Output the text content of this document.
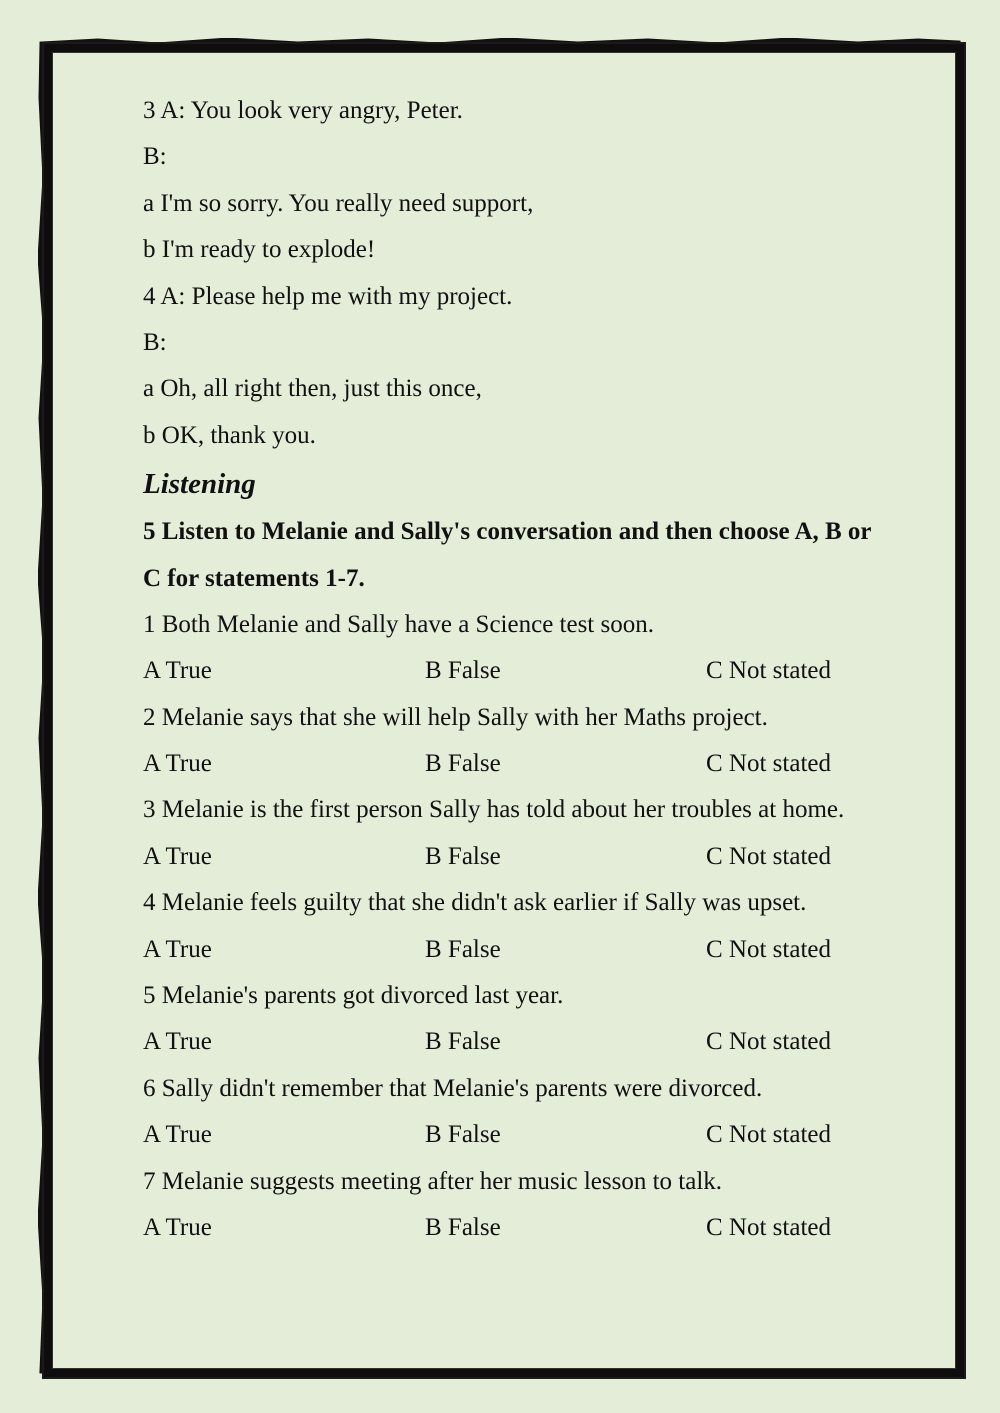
3 A: You look very angry, Peter.
B:
a I'm so sorry. You really need support,
b I'm ready to explode!
4 A: Please help me with my project.
B:
a Oh, all right then, just this once,
b OK, thank you.
Listening
5 Listen to Melanie and Sally's conversation and then choose A, B or
C for statements 1-7.
1 Both Melanie and Sally have a Science test soon.
A True	B False	C Not stated
2 Melanie says that she will help Sally with her Maths project.
A True	B False	C Not stated
3 Melanie is the first person Sally has told about her troubles at home.
A True	B False	C Not stated
4 Melanie feels guilty that she didn't ask earlier if Sally was upset.
A True	B False	C Not stated
5 Melanie's parents got divorced last year.
A True	B False	C Not stated
6 Sally didn't remember that Melanie's parents were divorced.
A True	B False	C Not stated
7 Melanie suggests meeting after her music lesson to talk.
A True	B False	C Not stated
